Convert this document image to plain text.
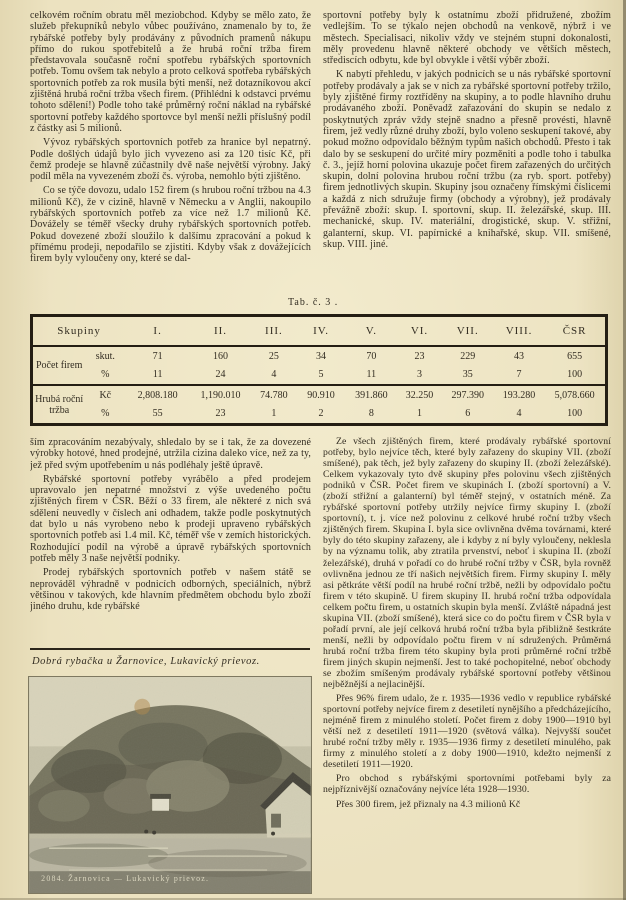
celkovém ročním obratu měl meziobchod. Kdyby se mělo zato, že služeb překupníků nebylo vůbec používáno, znamenalo by to, že rybářské potřeby byly prodávány z původních pramenů nákupu přímo do rukou spotřebitelů a že hrubá roční tržba firem představovala současně roční spotřebu rybářských sportovních potřeb. Tomu ovšem tak nebylo a proto celková spotřeba rybářských sportovních potřeb za rok musila býti menší, než dotazníkovou akcí zjištěná hrubá roční tržba všech firem. (Přihlédni k odstavci prvému tohoto sdělení!) Podle toho také průměrný roční náklad na rybářské sportovní potřeby každého sportovce byl menší nežli příslušný podíl z částky asi 5 milionů.

Vývoz rybářských sportovních potřeb za hranice byl nepatrný. Podle došlých údajů bylo jich vyvezeno asi za 120 tisíc Kč, při čemž prodeje se hlavně zúčastnily dvě naše největší výrobny. Jaký podíl měla na vyvezeném zboží čs. výroba, nemohlo býti zjištěno.

Co se týče dovozu, udalo 152 firem (s hrubou roční tržbou na 4.3 milionů Kč), že v cizině, hlavně v Německu a v Anglii, nakoupilo rybářských sportovních potřeb za více než 1.7 milionů Kč. Dovážely se téměř všecky druhy rybářských sportovních potřeb. Pokud dovezené zboží sloužilo k dalšímu zpracování a pokud k přímému prodeji, nepodařilo se zjistiti. Kdyby však z dovážejících firem byly vyloučeny ony, které se dal-

sportovní potřeby byly k ostatnímu zboží přidružené, zbožím vedlejším. To se týkalo nejen obchodů na venkově, nýbrž i ve městech. Specialisaci, nikoliv vždy ve stejném stupni dokonalosti, měly provedenu hlavně některé obchody ve větších městech, střediscích odbytu, kde byl obvykle i větší výběr zboží.

K nabytí přehledu, v jakých podnicích se u nás rybářské sportovní potřeby prodávaly a jak se v nich za rybářské sportovní potřeby tržilo, byly zjištěné firmy roztříděny na skupiny, a to podle hlavního druhu prodávaného zboží. Poněvadž zařazování do skupin se nedalo z poskytnutých zpráv vždy stejně snadno a přesně provésti, hlavně firem, jež vedly různé druhy zboží, bylo voleno seskupení takové, aby pokud možno odpovídalo běžným typům našich obchodů. Přesto i tak dalo by se seskupení do určité míry pozměniti a podle toho i tabulka č. 3., jejíž horní polovina ukazuje počet firem zařazených do určitých skupin, dolní polovina hrubou roční tržbu (za ryb. sport. potřeby) firem jednotlivých skupin. Skupiny jsou označeny římskými číslicemi a každá z nich sdružuje firmy (obchody a výrobny), jež prodávaly převážně zboží: skup. I. sportovní, skup. II. železářské, skup. III. mechanické, skup. IV. materiální, drogistické, skup. V. střižní, galanterní, skup. VI. papírnické a knihařské, skup. VII. smíšené, skup. VIII. jiné.

Tab. č. 3 .
Skupiny		I.	II.	III.	IV.	V.	VI.	VII.	VIII.	ČSR
Počet firem	skut.	71	160	25	34	70	23	229	43	655
	%	11	24	4	5	11	3	35	7	100
Hrubá roční tržba	Kč	2,808.180	1,190.010	74.780	90.910	391.860	32.250	297.390	193.280	5,078.660
	%	55	23	1	2	8	1	6	4	100

ším zpracováním nezabývaly, shledalo by se i tak, že za dovezené výrobky hotové, hned prodejné, utržila cizina daleko více, než za ty, jež před svým upotřebením u nás podléhaly ještě úpravě.

Rybářské sportovní potřeby vyrábělo a před prodejem upravovalo jen nepatrné množství z výše uvedeného počtu zjištěných firem v ČSR. Běží o 33 firem, ale některé z nich svá sdělení neuvedly v číslech ani odhadem, takže podle poskytnutých dat bylo u nás vyrobeno nebo k prodeji upraveno rybářských sportovních potřeb asi 1.4 mil. Kč, téměř vše v zemích historických. Rozhodující podíl na výrobě a úpravě rybářských sportovních potřeb měly 3 naše největší podniky.

Prodej rybářských sportovních potřeb v našem státě se neprováděl výhradně v podnicích odborných, speciálních, nýbrž většinou v takových, kde hlavním předmětem obchodu bylo zboží jiného druhu, kde rybářské

Dobrá rybačka u Žarnovice, Lukavický prievoz.

Ze všech zjištěných firem, které prodávaly rybářské sportovní potřeby, bylo nejvíce těch, které byly zařazeny do skupiny VII. (zboží smíšené), pak těch, jež byly zařazeny do skupiny II. (zboží železářské). Celkem vykazovaly tyto dvě skupiny přes polovinu všech zjištěných podniků v ČSR. Počet firem ve skupinách I. (zboží sportovní) a V. (zboží střižní a galanterní) byl téměř stejný, v ostatních méně. Za rybářské sportovní potřeby utržily nejvíce firmy skupiny I. (zboží sportovní), t. j. více než polovinu z celkové hrubé roční tržby všech zjištěných firem. Skupina I. byla sice ovlivněna dvěma továrnami, které byly do této skupiny zařazeny, ale i kdyby z ní byly vyloučeny, neklesla by na významu tolik, aby ztratila prvenství, neboť i skupina II. (zboží železářské), druhá v pořadí co do hrubé roční tržby v ČSR, byla rovněž ovlivněna jednou ze tří našich největších firem. Firmy skupiny I. měly asi pětkráte větší podíl na hrubé roční tržbě, nežli by odpovídalo počtu firem v této skupině. U firem skupiny II. hrubá roční tržba odpovídala celkem počtu firem, u ostatních skupin byla menší. Zvláště nápadná jest skupina VII. (zboží smíšené), která sice co do počtu firem v ČSR byla v pořadí první, ale její celková hrubá roční tržba byla přibližně šestkráte menší, nežli by odpovídalo počtu firem v ní sdružených. Průměrná hrubá roční tržba firem této skupiny byla proti průměrné roční tržbě firem jiných skupin nejmenší. Jest to také pochopitelné, neboť obchody se zbožím smíšeným prodávaly rybářské sportovní potřeby většinou nejběžnější a nejlacinější.

Přes 96% firem udalo, že r. 1935—1936 vedlo v republice rybářské sportovní potřeby nejvíce firem z desetiletí nynějšího a předcházejícího, nejméně firem z minulého století. Počet firem z doby 1900—1910 byl větší než z desetiletí 1911—1920 (světová válka). Nejvyšší součet hrubé roční tržby měly r. 1935—1936 firmy z desetiletí minulého, pak firmy z minulého století a z doby 1900—1910, kdežto nejmenší z desetiletí 1911—1920.

Pro obchod s rybářskými sportovními potřebami byly za nejpříznivější označovány nejvíce léta 1928—1930.

Přes 300 firem, jež přiznaly na 4.3 milionů Kč
